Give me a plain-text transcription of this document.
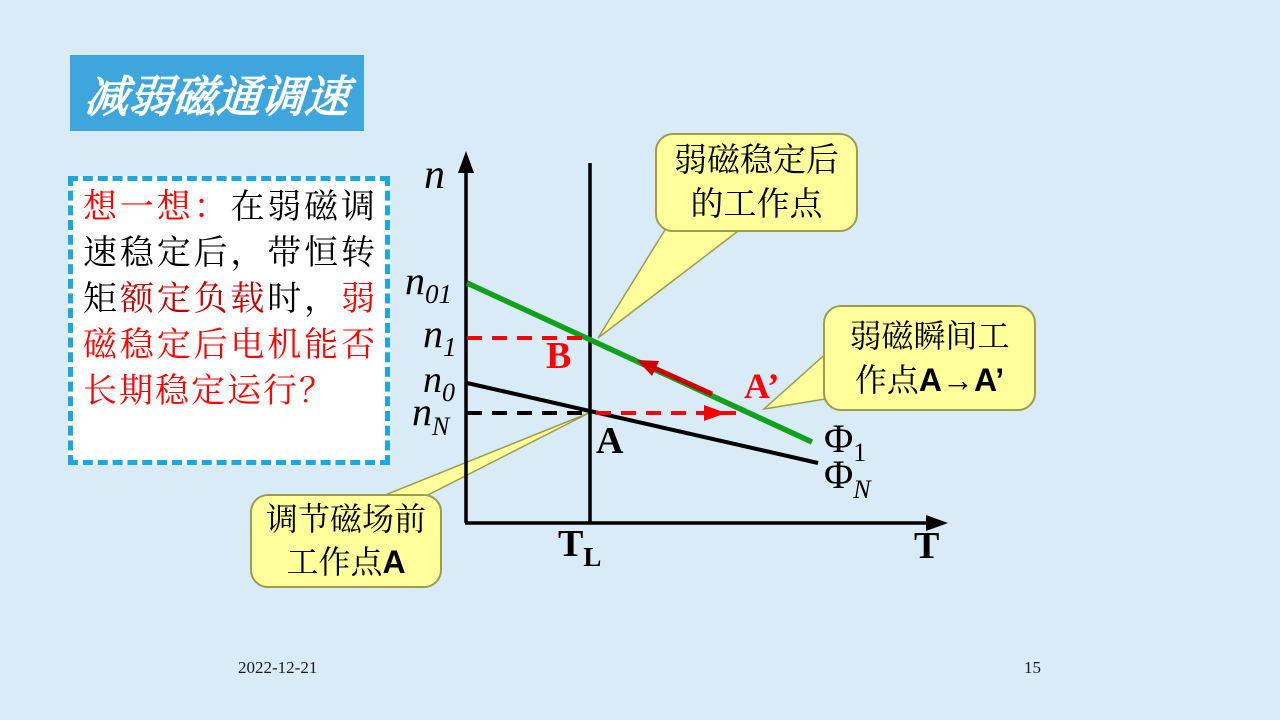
n
T
$n_{01}$
$n_1$
$n_0$
$n_N$
$T_L$
$\Phi_1$
$\Phi_N$
A
B
A’
减弱磁通调速
想一想：在弱磁调速稳定后，带恒转矩额定负载时，弱磁稳定后电机能否长期稳定运行？
弱磁稳定后
的工作点
弱磁瞬间工
作点A→A’
调节磁场前
工作点A
2022-12-21	15
